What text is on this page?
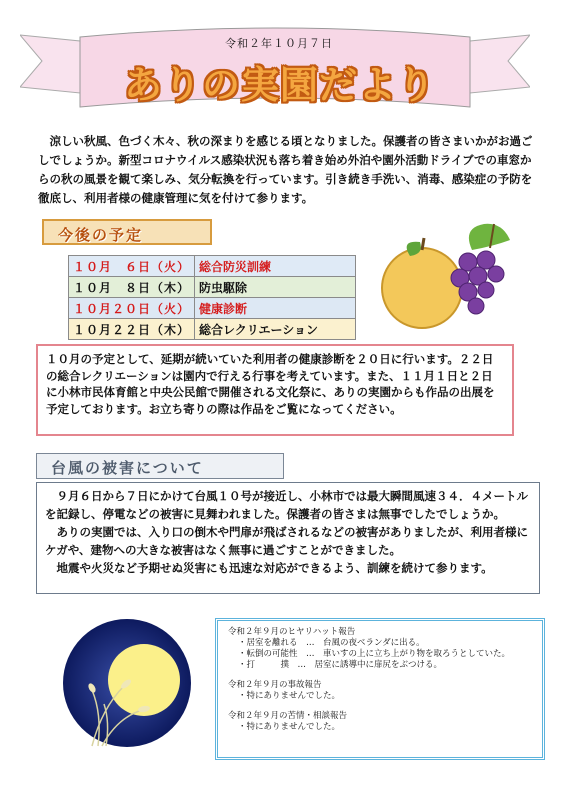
令和２年１０月７日
ありの実園だより
涼しい秋風、色づく木々、秋の深まりを感じる頃となりました。保護者の皆さまいかがお過ごしでしょうか。新型コロナウイルス感染状況も落ち着き始め外泊や園外活動ドライブでの車窓からの秋の風景を観て楽しみ、気分転換を行っています。引き続き手洗い、消毒、感染症の予防を徹底し、利用者様の健康管理に気を付けて参ります。
今後の予定
１０月　６日（火）	総合防災訓練
１０月　８日（木）	防虫駆除
１０月２０日（火）	健康診断
１０月２２日（木）	総合レクリエーション
１０月の予定として、延期が続いていた利用者の健康診断を２０日に行います。２２日の総合レクリエーションは園内で行える行事を考えています。また、１１月１日と２日に小林市民体育館と中央公民館で開催される文化祭に、ありの実園からも作品の出展を予定しております。お立ち寄りの際は作品をご覧になってください。
台風の被害について

９月６日から７日にかけて台風１０号が接近し、小林市では最大瞬間風速３４．４メートルを記録し、停電などの被害に見舞われました。保護者の皆さまは無事でしたでしょうか。

ありの実園では、入り口の倒木や門扉が飛ばされるなどの被害がありましたが、利用者様にケガや、建物への大きな被害はなく無事に過ごすことができました。

地震や火災など予期せぬ災害にも迅速な対応ができるよう、訓練を続けて参ります。

令和２年９月のヒヤリハット報告
・居室を離れる　…　台風の夜ベランダに出る。
・転倒の可能性　…　車いすの上に立ち上がり物を取ろうとしていた。
・打　　　撲　…　居室に誘導中に扉尻をぶつける。
令和２年９月の事故報告
・特にありませんでした。
令和２年９月の苦情・相談報告
・特にありませんでした。
